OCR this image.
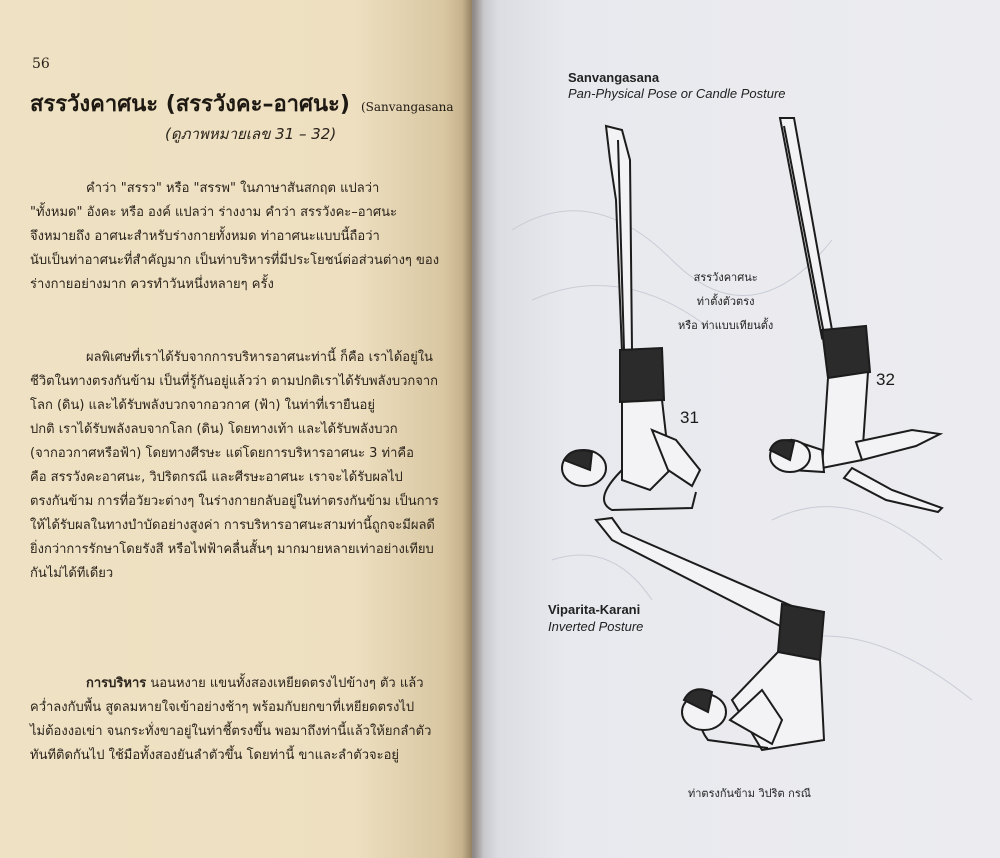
56
สรรวังคาศนะ (สรรวังคะ–อาศนะ) (Sanvangasana
(ดูภาพหมายเลข 31 – 32)
คำว่า "สรรว" หรือ "สรรพ" ในภาษาสันสกฤต แปลว่า
"ทั้งหมด" อังคะ หรือ องค์ แปลว่า ร่างงาม คำว่า สรรวังคะ–อาศนะ
จึงหมายถึง อาศนะสำหรับร่างกายทั้งหมด ท่าอาศนะแบบนี้ถือว่า
นับเป็นท่าอาศนะที่สำคัญมาก เป็นท่าบริหารที่มีประโยชน์ต่อส่วนต่างๆ ของ
ร่างกายอย่างมาก ควรทำวันหนึ่งหลายๆ ครั้ง
ผลพิเศษที่เราได้รับจากการบริหารอาศนะท่านี้ ก็คือ เราได้อยู่ใน
ชีวิตในทางตรงกันข้าม เป็นที่รู้กันอยู่แล้วว่า ตามปกติเราได้รับพลังบวกจาก
โลก (ดิน) และได้รับพลังบวกจากอวกาศ (ฟ้า) ในท่าที่เรายืนอยู่
ปกติ เราได้รับพลังลบจากโลก (ดิน) โดยทางเท้า และได้รับพลังบวก
(จากอวกาศหรือฟ้า) โดยทางศีรษะ แต่โดยการบริหารอาศนะ 3 ท่าคือ
คือ สรรวังคะอาศนะ, วิปริตกรณี และศีรษะอาศนะ เราจะได้รับผลไป
ตรงกันข้าม การที่อวัยวะต่างๆ ในร่างกายกลับอยู่ในท่าตรงกันข้าม เป็นการ
ให้ได้รับผลในทางบำบัดอย่างสูงค่า การบริหารอาศนะสามท่านี้ถูกจะมีผลดี
ยิ่งกว่าการรักษาโดยรังสี หรือไฟฟ้าคลื่นสั้นๆ มากมายหลายเท่าอย่างเทียบ
กันไม่ได้ทีเดียว
การบริหาร นอนหงาย แขนทั้งสองเหยียดตรงไปข้างๆ ตัว แล้ว
คว่ำลงกับพื้น สูดลมหายใจเข้าอย่างช้าๆ พร้อมกับยกขาที่เหยียดตรงไป
ไม่ต้องงอเข่า จนกระทั่งขาอยู่ในท่าชี้ตรงขึ้น พอมาถึงท่านี้แล้วให้ยกลำตัว
ทันทีติดกันไป ใช้มือทั้งสองยันลำตัวขึ้น โดยท่านี้ ขาและลำตัวจะอยู่
Sanvangasana
Pan-Physical Pose or Candle Posture
31
32
สรรวังคาศนะ
ท่าตั้งตัวตรง
หรือ ท่าแบบเทียนตั้ง
Viparita-Karani
Inverted Posture
ท่าตรงกันข้าม วิปริต กรณี
